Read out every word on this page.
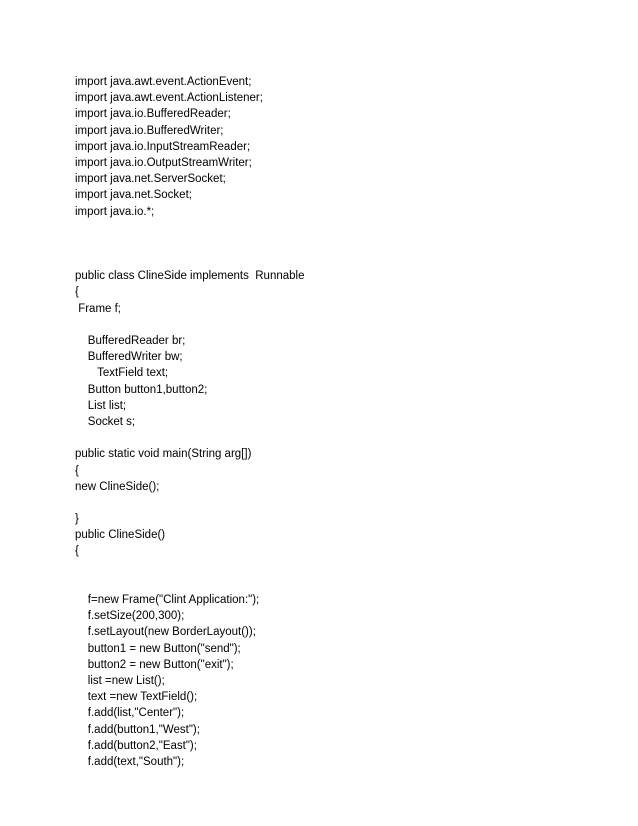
import java.awt.event.ActionEvent;
import java.awt.event.ActionListener;
import java.io.BufferedReader;
import java.io.BufferedWriter;
import java.io.InputStreamReader;
import java.io.OutputStreamWriter;
import java.net.ServerSocket;
import java.net.Socket;
import java.io.*;
public class ClineSide implements  Runnable
{
Frame f;
BufferedReader br;
BufferedWriter bw;
TextField text;
Button button1,button2;
List list;
Socket s;
public static void main(String arg[])
{
new ClineSide();
}
public ClineSide()
{
f=new Frame("Clint Application:");
f.setSize(200,300);
f.setLayout(new BorderLayout());
button1 = new Button("send");
button2 = new Button("exit");
list =new List();
text =new TextField();
f.add(list,"Center");
f.add(button1,"West");
f.add(button2,"East");
f.add(text,"South");
